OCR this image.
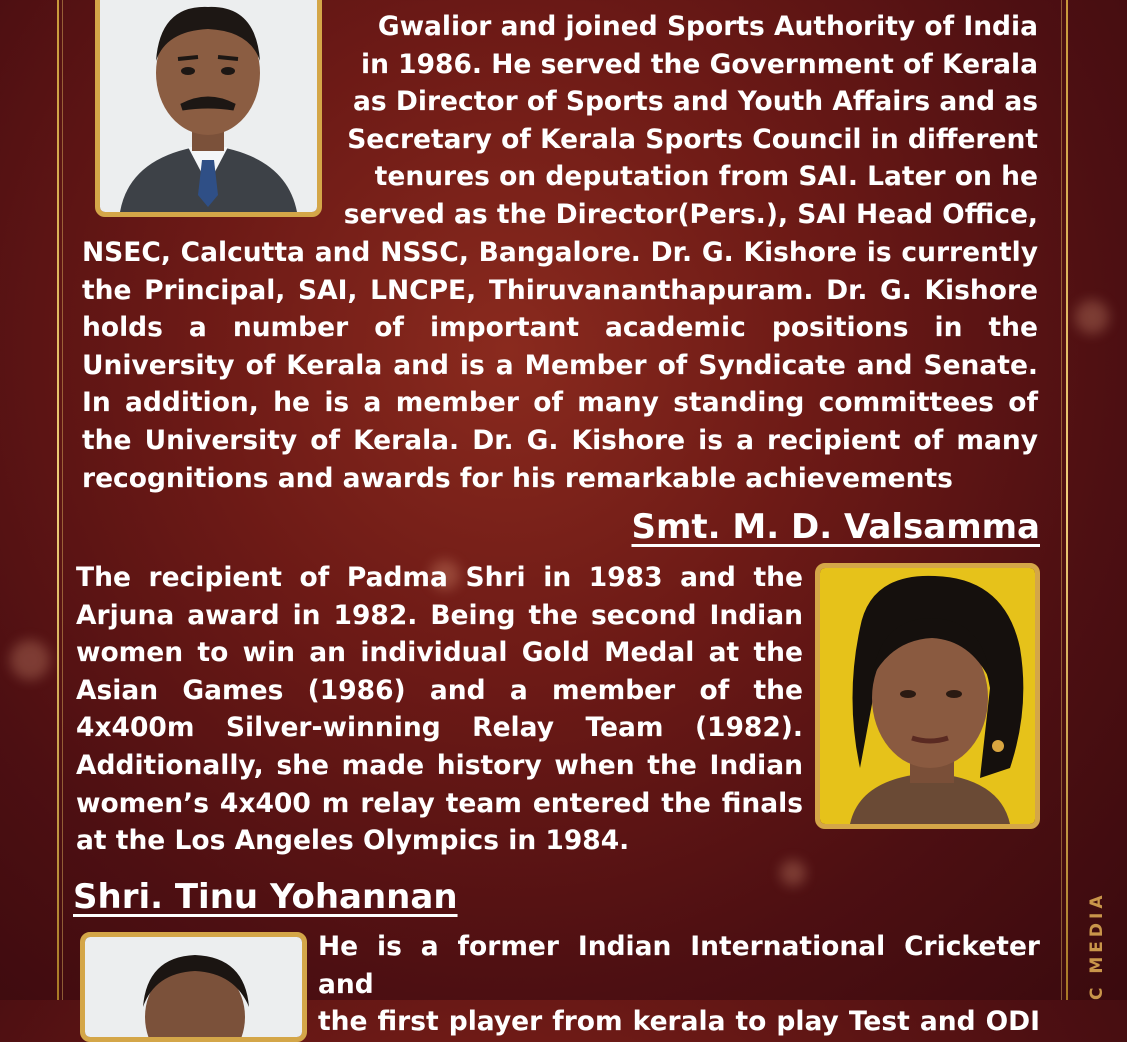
Gwalior and joined Sports Authority of India
in 1986. He served the Government of Kerala
as Director of Sports and Youth Affairs and as
Secretary of Kerala Sports Council in different
tenures on deputation from SAI. Later on he
served as the Director(Pers.), SAI Head Office,
NSEC, Calcutta and NSSC, Bangalore. Dr. G. Kishore is currently
the Principal, SAI, LNCPE, Thiruvananthapuram. Dr. G. Kishore
holds a number of important academic positions in the
University of Kerala and is a Member of Syndicate and Senate.
In addition, he is a member of many standing committees of
the University of Kerala. Dr. G. Kishore is a recipient of many
recognitions and awards for his remarkable achievements
Smt. M. D. Valsamma
The recipient of Padma Shri in 1983 and the
Arjuna award in 1982. Being the second Indian
women to win an individual Gold Medal at the
Asian Games (1986) and a member of the
4x400m Silver-winning Relay Team (1982).
Additionally, she made history when the Indian
women’s 4x400 m relay team entered the finals
at the Los Angeles Olympics in 1984.
Shri. Tinu Yohannan
He is a former Indian International Cricketer and
the first player from kerala to play Test and ODI
C MEDIA
